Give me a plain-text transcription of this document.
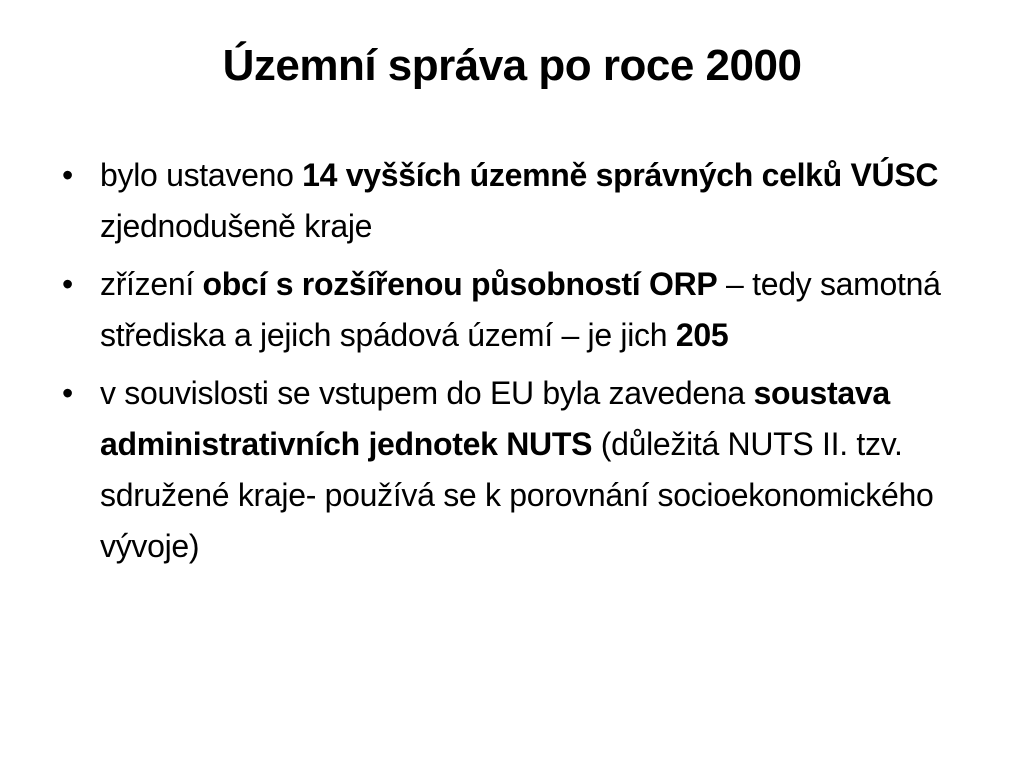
Územní správa po roce 2000
• bylo ustaveno 14 vyšších územně správných celků VÚSC  zjednodušeně kraje
• zřízení obcí s rozšířenou působností ORP – tedy samotná střediska a jejich spádová území – je jich 205
• v souvislosti se vstupem do EU byla zavedena soustava administrativních jednotek NUTS (důležitá NUTS II. tzv. sdružené kraje- používá se k porovnání socioekonomického vývoje)
